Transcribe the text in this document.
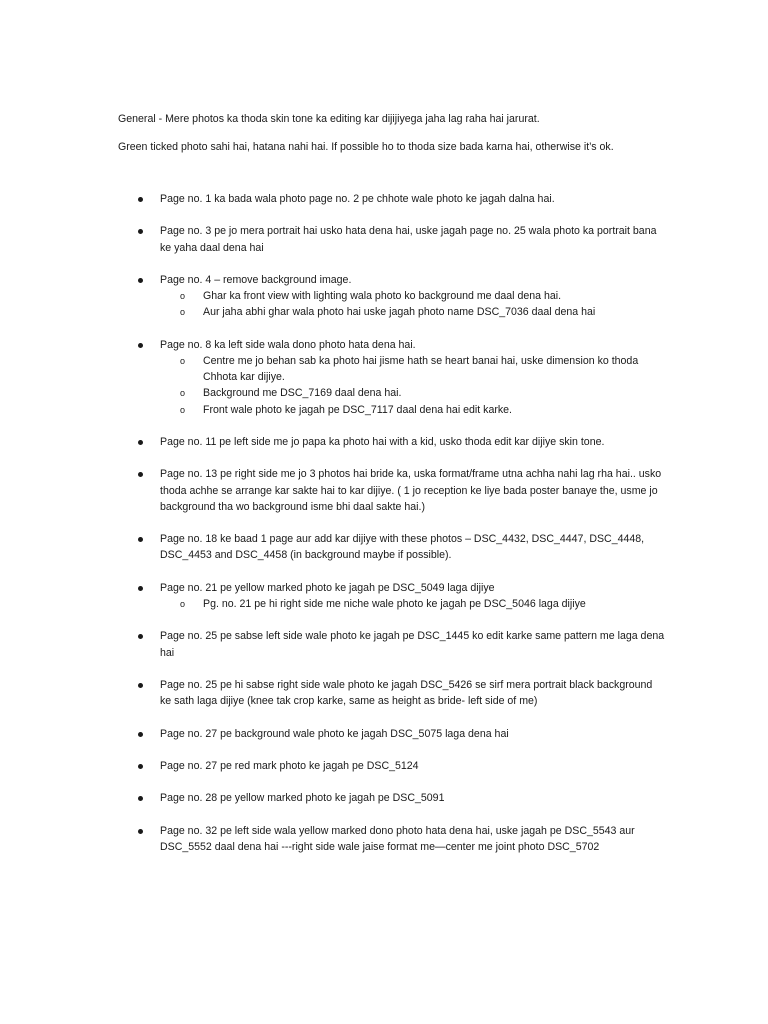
General - Mere photos ka thoda skin tone ka editing kar dijijiyega jaha lag raha hai jarurat.

Green ticked photo sahi hai, hatana nahi hai. If possible ho to thoda size bada karna hai, otherwise it’s ok.

Page no. 1 ka bada wala photo page no. 2 pe chhote wale photo ke jagah dalna hai.
Page no. 3 pe jo mera portrait hai usko hata dena hai, uske jagah page no. 25 wala photo ka portrait bana ke yaha daal dena hai
Page no. 4 – remove background image.
o Ghar ka front view with lighting wala photo ko background me daal dena hai.
o Aur jaha abhi ghar wala photo hai uske jagah photo name DSC_7036 daal dena hai
Page no. 8 ka left side wala dono photo hata dena hai.
o Centre me jo behan sab ka photo hai jisme hath se heart banai hai, uske dimension ko thoda Chhota kar dijiye.
o Background me DSC_7169 daal dena hai.
o Front wale photo ke jagah pe DSC_7117 daal dena hai edit karke.
Page no. 11 pe left side me jo papa ka photo hai with a kid, usko thoda edit kar dijiye skin tone.
Page no. 13 pe right side me jo 3 photos hai bride ka, uska format/frame utna achha nahi lag rha hai.. usko thoda achhe se arrange kar sakte hai to kar dijiye. ( 1 jo reception ke liye bada poster banaye the, usme jo background tha wo background isme bhi daal sakte hai.)
Page no. 18 ke baad 1 page aur add kar dijiye with these photos – DSC_4432, DSC_4447, DSC_4448, DSC_4453 and DSC_4458 (in background maybe if possible).
Page no. 21 pe yellow marked photo ke jagah pe DSC_5049 laga dijiye
o Pg. no. 21 pe hi right side me niche wale photo ke jagah pe DSC_5046 laga dijiye
Page no. 25 pe sabse left side wale photo ke jagah pe DSC_1445 ko edit karke same pattern me laga dena hai
Page no. 25 pe hi sabse right side wale photo ke jagah DSC_5426 se sirf mera portrait black background ke sath laga dijiye (knee tak crop karke, same as height as bride- left side of me)
Page no. 27 pe background wale photo ke jagah DSC_5075 laga dena hai
Page no. 27 pe red mark photo ke jagah pe DSC_5124
Page no. 28 pe yellow marked photo ke jagah pe DSC_5091
Page no. 32 pe left side wala yellow marked dono photo hata dena hai, uske jagah pe DSC_5543 aur DSC_5552 daal dena hai ---right side wale jaise format me—center me joint photo DSC_5702
